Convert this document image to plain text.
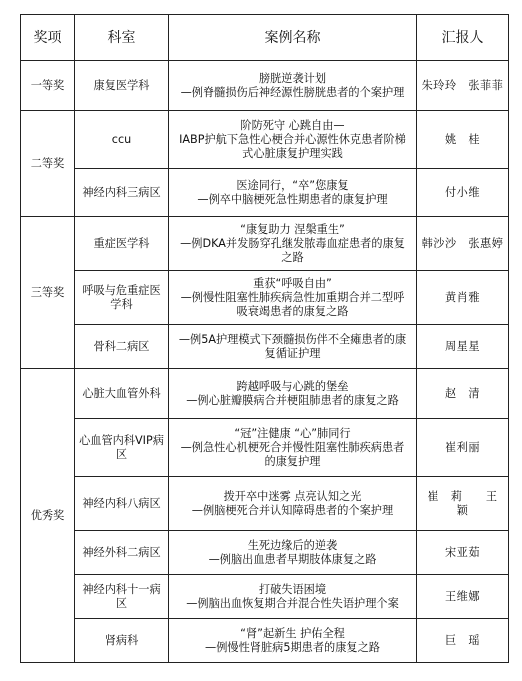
奖项	科室	案例名称	汇报人
一等奖	康复医学科	膀胱逆袭计划
—例脊髓损伤后神经源性膀胱患者的个案护理	朱玲玲　张菲菲
二等奖	ccu	阶防死守 心跳自由—
IABP护航下急性心梗合并心源性休克患者阶梯
式心脏康复护理实践	姚　桂
	神经内科三病区	医途同行，“卒”您康复
—例卒中脑梗死急性期患者的康复护理	付小维
三等奖	重症医学科	“康复助力 涅槃重生”
—例DKA并发肠穿孔继发脓毒血症患者的康复
之路	韩沙沙　张惠婷
	呼吸与危重症医学科	重获“呼吸自由”
—例慢性阻塞性肺疾病急性加重期合并二型呼
吸衰竭患者的康复之路	黄肖雅
	骨科二病区	—例5A护理模式下颈髓损伤伴不全瘫患者的康
复循证护理	周星星
优秀奖	心脏大血管外科	跨越呼吸与心跳的堡垒
—例心脏瓣膜病合并梗阻肺患者的康复之路	赵　清
	心血管内科VIP病区	“冠”注健康 “心”肺同行
—例急性心机梗死合并慢性阻塞性肺疾病患者
的康复护理	崔利丽
	神经内科八病区	拨开卒中迷雾 点亮认知之光
—例脑梗死合并认知障碍患者的个案护理	崔　莉　　王　颖
	神经外科二病区	生死边缘后的逆袭
—例脑出血患者早期肢体康复之路	宋亚茹
	神经内科十一病区	打破失语困境
—例脑出血恢复期合并混合性失语护理个案	王维娜
	肾病科	“肾”起新生 护佑全程
—例慢性肾脏病5期患者的康复之路	巨　瑶
